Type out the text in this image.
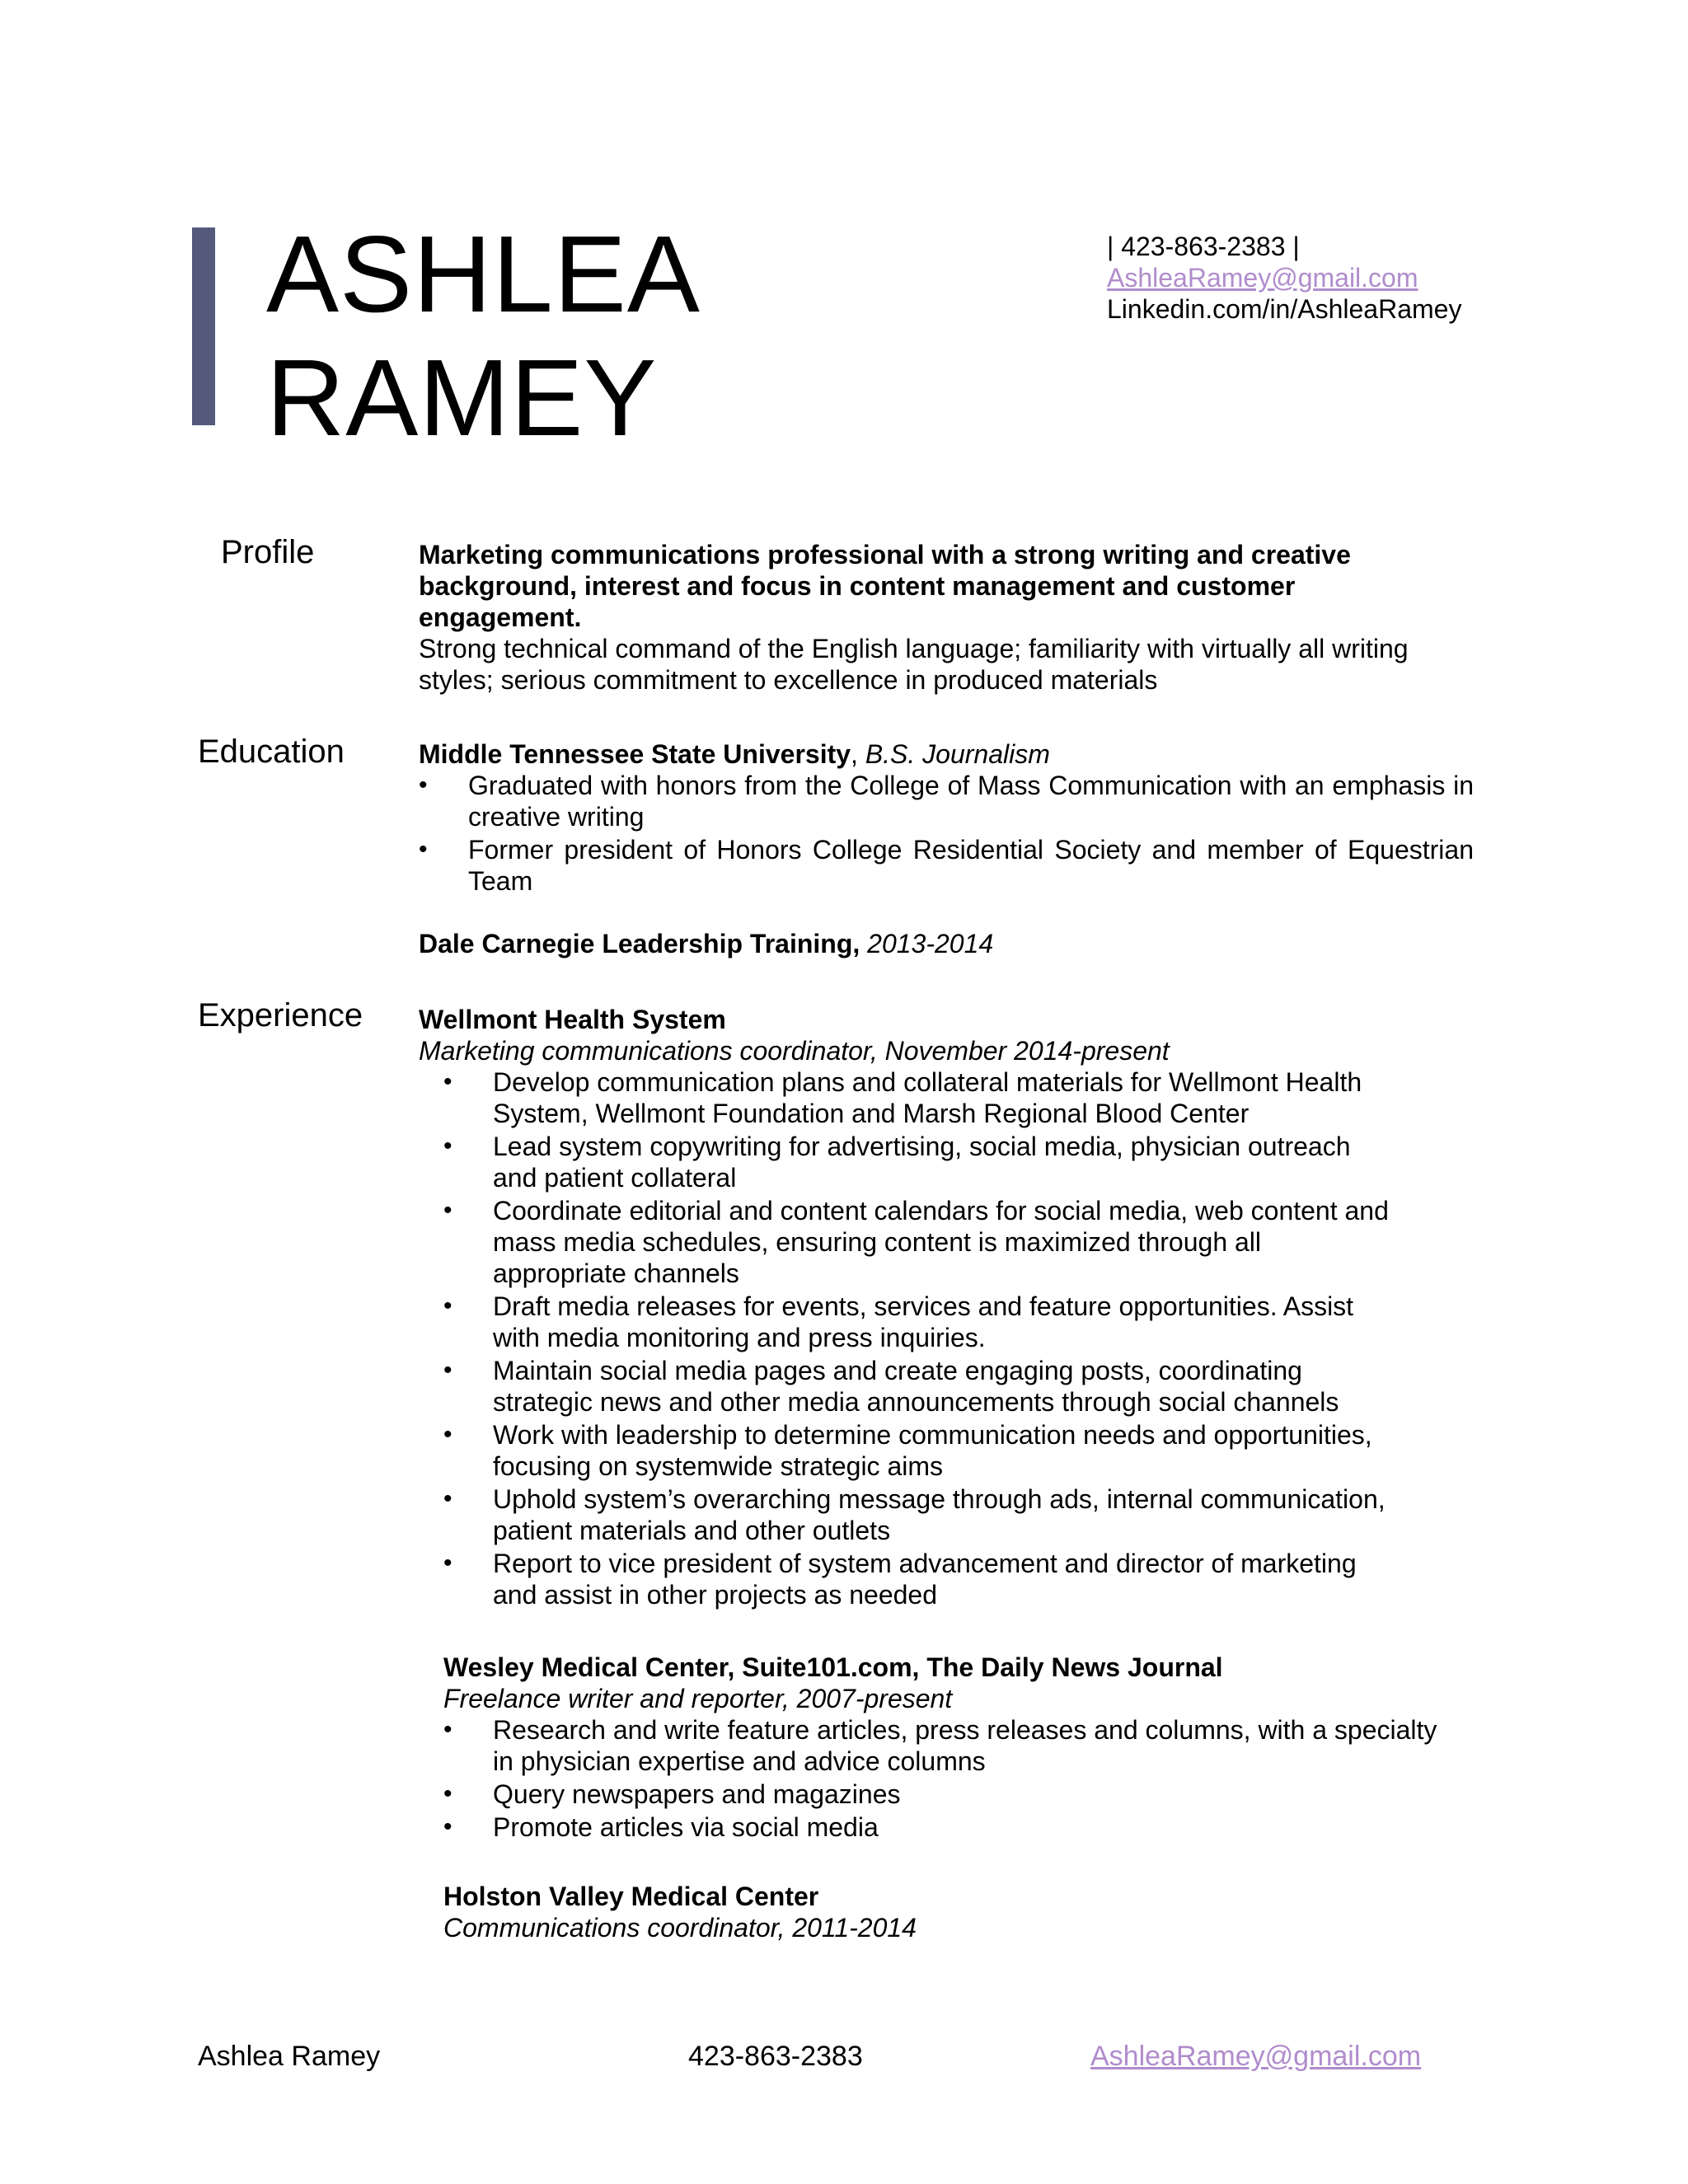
ASHLEA
RAMEY
| 423-863-2383 |
AshleaRamey@gmail.com
Linkedin.com/in/AshleaRamey
Profile	Marketing communications professional with a strong writing and creative
background, interest and focus in content management and customer
engagement.
Strong technical command of the English language; familiarity with virtually all writing
styles; serious commitment to excellence in produced materials
Education	Middle Tennessee State University, B.S. Journalism
• Graduated with honors from the College of Mass Communication with an emphasis in creative writing
• Former president of Honors College Residential Society and member of Equestrian Team
Dale Carnegie Leadership Training, 2013-2014
Experience Wellmont Health System
Marketing communications coordinator, November 2014-present
• Develop communication plans and collateral materials for Wellmont Health System, Wellmont Foundation and Marsh Regional Blood Center
• Lead system copywriting for advertising, social media, physician outreach and patient collateral
• Coordinate editorial and content calendars for social media, web content and mass media schedules, ensuring content is maximized through all appropriate channels
• Draft media releases for events, services and feature opportunities. Assist with media monitoring and press inquiries.
• Maintain social media pages and create engaging posts, coordinating strategic news and other media announcements through social channels
• Work with leadership to determine communication needs and opportunities, focusing on systemwide strategic aims
• Uphold system’s overarching message through ads, internal communication, patient materials and other outlets
• Report to vice president of system advancement and director of marketing and assist in other projects as needed
Wesley Medical Center, Suite101.com, The Daily News Journal
Freelance writer and reporter, 2007-present
• Research and write feature articles, press releases and columns, with a specialty in physician expertise and advice columns
• Query newspapers and magazines
• Promote articles via social media
Holston Valley Medical Center
Communications coordinator, 2011-2014
Ashlea Ramey	423-863-2383	AshleaRamey@gmail.com
